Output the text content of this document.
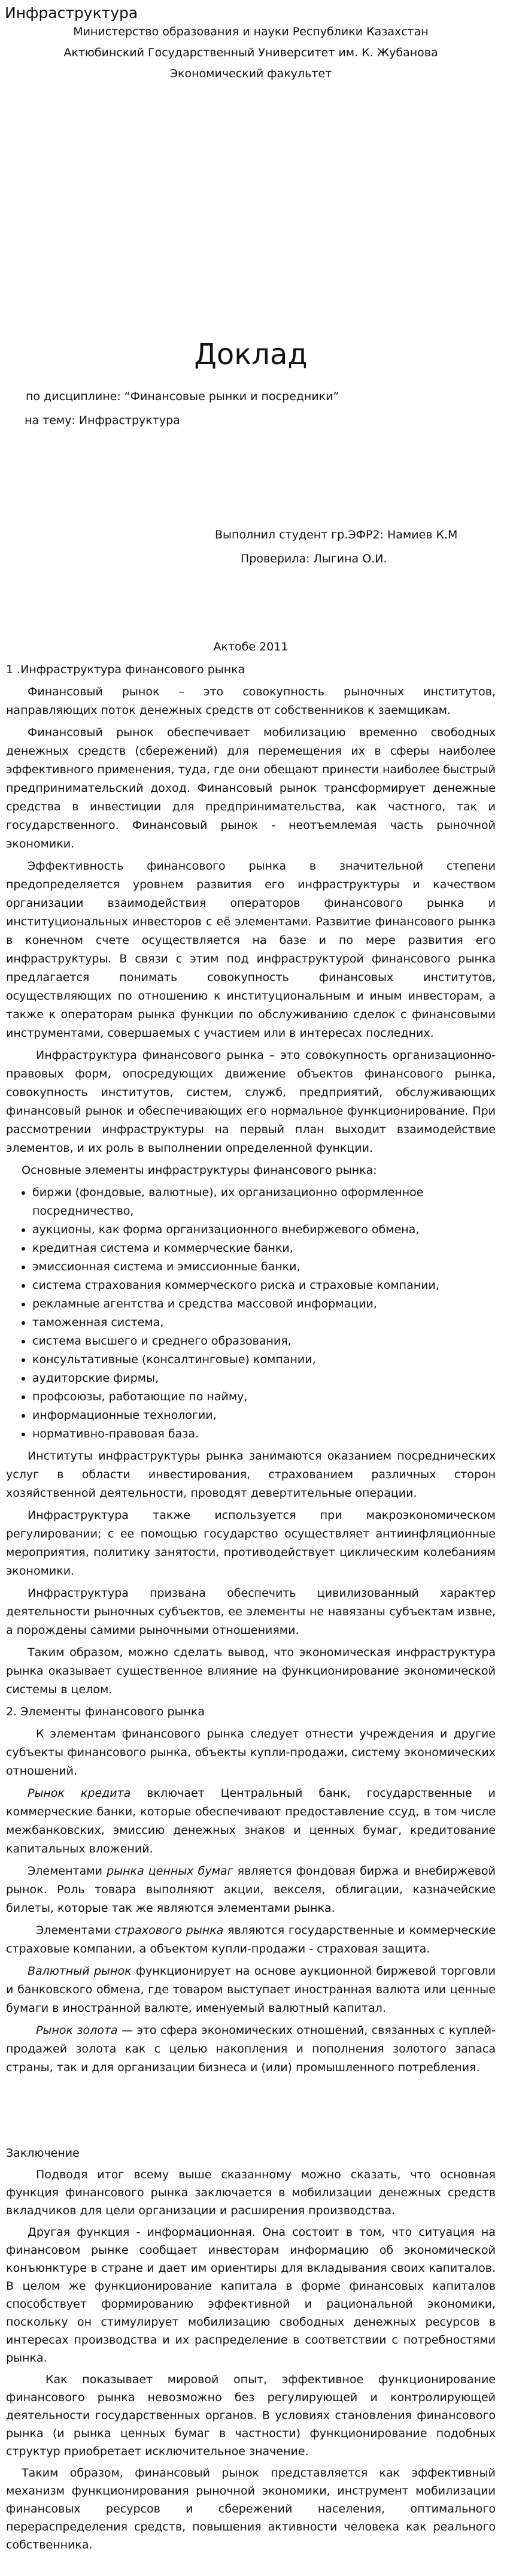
Инфраструктура
Министерство образования и науки Республики Казахстан
Актюбинский Государственный Университет им. К. Жубанова
Экономический факультет
Доклад
по дисциплине: “Финансовые рынки и посредники”
на тему: Инфраструктура
Выполнил студент гр.ЭФР2: Намиев К.М
Проверила: Лыгина О.И.
Актобе 2011
1 .Инфраструктура финансового рынка

Финансовый рынок – это совокупность рыночных институтов, направляющих поток денежных средств от собственников к заемщикам.

Финансовый рынок обеспечивает мобилизацию временно свободных денежных средств (сбережений) для перемещения их в сферы наиболее эффективного применения, туда, где они обещают принести наиболее быстрый предпринимательский доход. Финансовый рынок трансформирует денежные средства в инвестиции для предпринимательства, как частного, так и государственного. Финансовый рынок - неотъемлемая часть рыночной экономики.

Эффективность финансового рынка в значительной степени предопределяется уровнем развития его инфраструктуры и качеством организации взаимодействия операторов финансового рынка и институциональных инвесторов с её элементами. Развитие финансового рынка в конечном счете осуществляется на базе и по мере развития его инфраструктуры. В связи с этим под инфраструктурой финансового рынка предлагается понимать совокупность финансовых институтов, осуществляющих по отношению к институциональным и иным инвесторам, а также к операторам рынка функции по обслуживанию сделок с финансовыми инструментами, совершаемых с участием или в интересах последних.

Инфраструктура финансового рынка – это совокупность организационно-правовых форм, опосредующих движение объектов финансового рынка, совокупность институтов, систем, служб, предприятий, обслуживающих финансовый рынок и обеспечивающих его нормальное функционирование. При рассмотрении инфраструктуры на первый план выходит взаимодействие элементов, и их роль в выполнении определенной функции.

Основные элементы инфраструктуры финансового рынка:

• биржи (фондовые, валютные), их организационно оформленное посредничество,
• аукционы, как форма организационного внебиржевого обмена,
• кредитная система и коммерческие банки,
• эмиссионная система и эмиссионные банки,
• система страхования коммерческого риска и страховые компании,
• рекламные агентства и средства массовой информации,
• таможенная система,
• система высшего и среднего образования,
• консультативные (консалтинговые) компании,
• аудиторские фирмы,
• профсоюзы, работающие по найму,
• информационные технологии,
• нормативно-правовая база.

Институты инфраструктуры рынка занимаются оказанием посреднических услуг в области инвестирования, страхованием различных сторон хозяйственной деятельности, проводят девертительные операции.

Инфраструктура также используется при макроэкономическом регулировании; с ее помощью государство осуществляет антиинфляционные мероприятия, политику занятости, противодействует циклическим колебаниям экономики.

Инфраструктура призвана обеспечить цивилизованный характер деятельности рыночных субъектов, ее элементы не навязаны субъектам извне, а порождены самими рыночными отношениями.

Таким образом, можно сделать вывод, что экономическая инфраструктура рынка оказывает существенное влияние на функционирование экономической системы в целом.

2. Элементы финансового рынка

К элементам финансового рынка следует отнести учреждения и другие субъекты финансового рынка, объекты купли-продажи, систему экономических отношений.

Рынок кредита включает Центральный банк, государственные и коммерческие банки, которые обеспечивают предоставление ссуд, в том числе межбанковских, эмиссию денежных знаков и ценных бумаг, кредитование капитальных вложений.

Элементами рынка ценных бумаг является фондовая биржа и внебиржевой рынок. Роль товара выполняют акции, векселя, облигации, казначейские билеты, которые так же являются элементами рынка.

Элементами страхового рынка являются государственные и коммерческие страховые компании, а объектом купли-продажи - страховая защита.

Валютный рынок функционирует на основе аукционной биржевой торговли и банковского обмена, где товаром выступает иностранная валюта или ценные бумаги в иностранной валюте, именуемый валютный капитал.

Рынок золота — это сфера экономических отношений, связанных с куплей-продажей золота как с целью накопления и пополнения золотого запаса страны, так и для организации бизнеса и (или) промышленного потребления.

Заключение

Подводя итог всему выше сказанному можно сказать, что основная функция финансового рынка заключается в мобилизации денежных средств вкладчиков для цели организации и расширения производства.

Другая функция - информационная. Она состоит в том, что ситуация на финансовом рынке сообщает инвесторам информацию об экономической конъюнктуре в стране и дает им ориентиры для вкладывания своих капиталов. В целом же функционирование капитала в форме финансовых капиталов способствует формированию эффективной и рациональной экономики, поскольку он стимулирует мобилизацию свободных денежных ресурсов в интересах производства и их распределение в соответствии с потребностями рынка.

Как показывает мировой опыт, эффективное функционирование финансового рынка невозможно без регулирующей и контролирующей деятельности государственных органов. В условиях становления финансового рынка (и рынка ценных бумаг в частности) функционирование подобных структур приобретает исключительное значение.

Таким образом, финансовый рынок представляется как эффективный механизм функционирования рыночной экономики, инструмент мобилизации финансовых ресурсов и сбережений населения, оптимального перераспределения средств, повышения активности человека как реального собственника.
